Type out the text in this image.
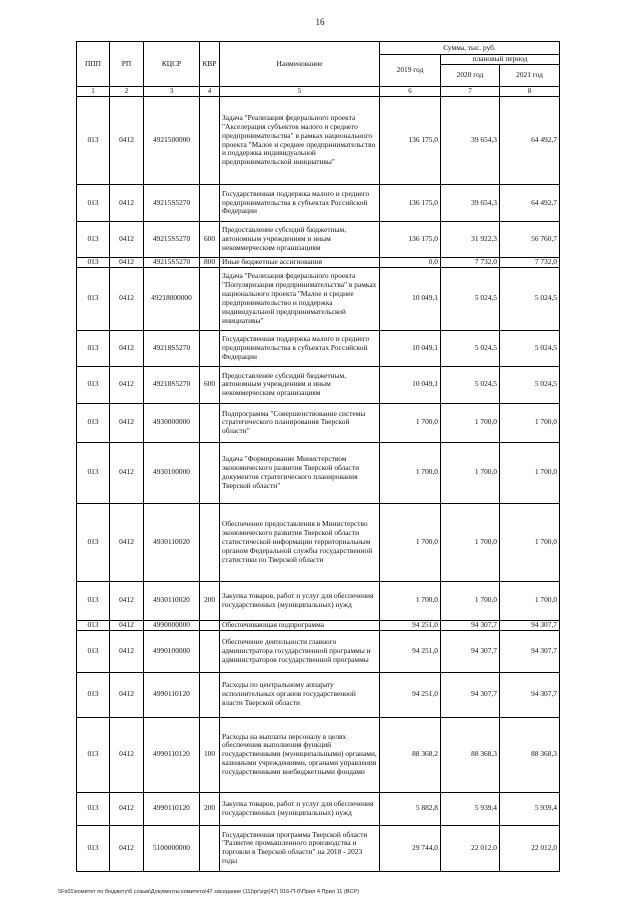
16
ППП	РП	КЦСР	КВР	Наименование	Сумма, тыс. руб.		
					2019 год	плановый период	
						2020 год	2021 год
1	2	3	4	5	6	7	8
013	0412	4921500000		Задача "Реализация федерального проекта "Акселерация субъектов малого и среднего предпринимательства" в рамках национального проекта "Малое и среднее предпринимательство и поддержка индивидуальной предпринимательской инициативы"	136 175,0	39 654,3	64 492,7
013	0412	49215S5270		Государственная поддержка малого и среднего предпринимательства в субъектах Российской Федерации	136 175,0	39 654,3	64 492,7
013	0412	49215S5270	600	Предоставление субсидий бюджетным, автономным учреждениям и иным некоммерческим организациям	136 175,0	31 922,3	56 760,7
013	0412	49215S5270	800	Иные бюджетные ассигнования	0,0	7 732,0	7 732,0
013	0412	49218000000		Задача "Реализация федерального проекта "Популяризация предпринимательства" в рамках национального проекта "Малое и среднее предпринимательство и поддержка индивидуальной предпринимательской инициативы"	10 049,1	5 024,5	5 024,5
013	0412	49218S5270		Государственная поддержка малого и среднего предпринимательства в субъектах Российской Федерации	10 049,1	5 024,5	5 024,5
013	0412	49218S5270	600	Предоставление субсидий бюджетным, автономным учреждениям и иным некоммерческим организациям	10 049,1	5 024,5	5 024,5
013	0412	4930000000		Подпрограмма "Совершенствование системы стратегического планирования Тверской области"	1 700,0	1 700,0	1 700,0
013	0412	4930100000		Задача "Формирование Министерством экономического развития Тверской области документов стратегического планирования Тверской области"	1 700,0	1 700,0	1 700,0
013	0412	4930110020		Обеспечение предоставления в Министерство экономического развития Тверской области статистической информации территориальным органом Федеральной службы государственной статистики по Тверской области	1 700,0	1 700,0	1 700,0
013	0412	4930110020	200	Закупка товаров, работ и услуг для обеспечения государственных (муниципальных) нужд	1 700,0	1 700,0	1 700,0
013	0412	4990000000		Обеспечивающая подпрограмма	94 251,0	94 307,7	94 307,7
013	0412	4990100000		Обеспечение деятельности главного администратора государственной программы и администраторов государственной программы	94 251,0	94 307,7	94 307,7
013	0412	4990110120		Расходы по центральному аппарату исполнительных органов государственной власти Тверской области	94 251,0	94 307,7	94 307,7
013	0412	4990110120	100	Расходы на выплаты персоналу в целях обеспечения выполнения функций государственными (муниципальными) органами, казенными учреждениями, органами управления государственными внебюджетными фондами	88 368,2	88 368,3	88 368,3
013	0412	4990110120	200	Закупка товаров, работ и услуг для обеспечения государственных (муниципальных) нужд	5 882,8	5 939,4	5 939,4
013	0412	5100000000		Государственная программа Тверской области "Развитие промышленного производства и торговли в Тверской области" на 2018 - 2023 годы	29 744,0	22 012,0	22 012,0
\\Fs01\комитет по бюджету\6 созыв\Документы комитета\47 заседание (11)\рг\zgr(47) 916-П-б\Прил 4 Прил 11 (ВСР)
